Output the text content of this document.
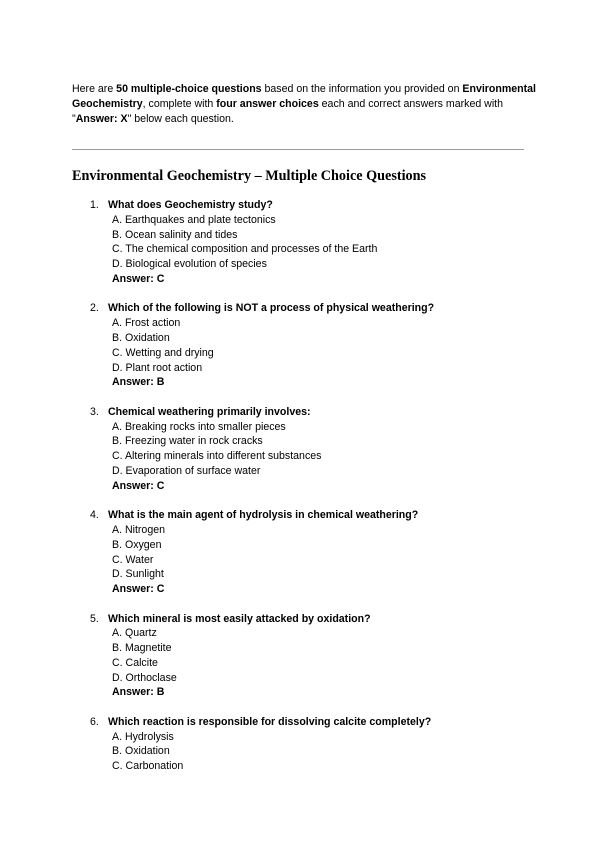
Here are 50 multiple-choice questions based on the information you provided on Environmental Geochemistry, complete with four answer choices each and correct answers marked with "Answer: X" below each question.

Environmental Geochemistry – Multiple Choice Questions
1. What does Geochemistry study?
A. Earthquakes and plate tectonics
B. Ocean salinity and tides
C. The chemical composition and processes of the Earth
D. Biological evolution of species
Answer: C
2. Which of the following is NOT a process of physical weathering?
A. Frost action
B. Oxidation
C. Wetting and drying
D. Plant root action
Answer: B
3. Chemical weathering primarily involves:
A. Breaking rocks into smaller pieces
B. Freezing water in rock cracks
C. Altering minerals into different substances
D. Evaporation of surface water
Answer: C
4. What is the main agent of hydrolysis in chemical weathering?
A. Nitrogen
B. Oxygen
C. Water
D. Sunlight
Answer: C
5. Which mineral is most easily attacked by oxidation?
A. Quartz
B. Magnetite
C. Calcite
D. Orthoclase
Answer: B
6. Which reaction is responsible for dissolving calcite completely?
A. Hydrolysis
B. Oxidation
C. Carbonation
